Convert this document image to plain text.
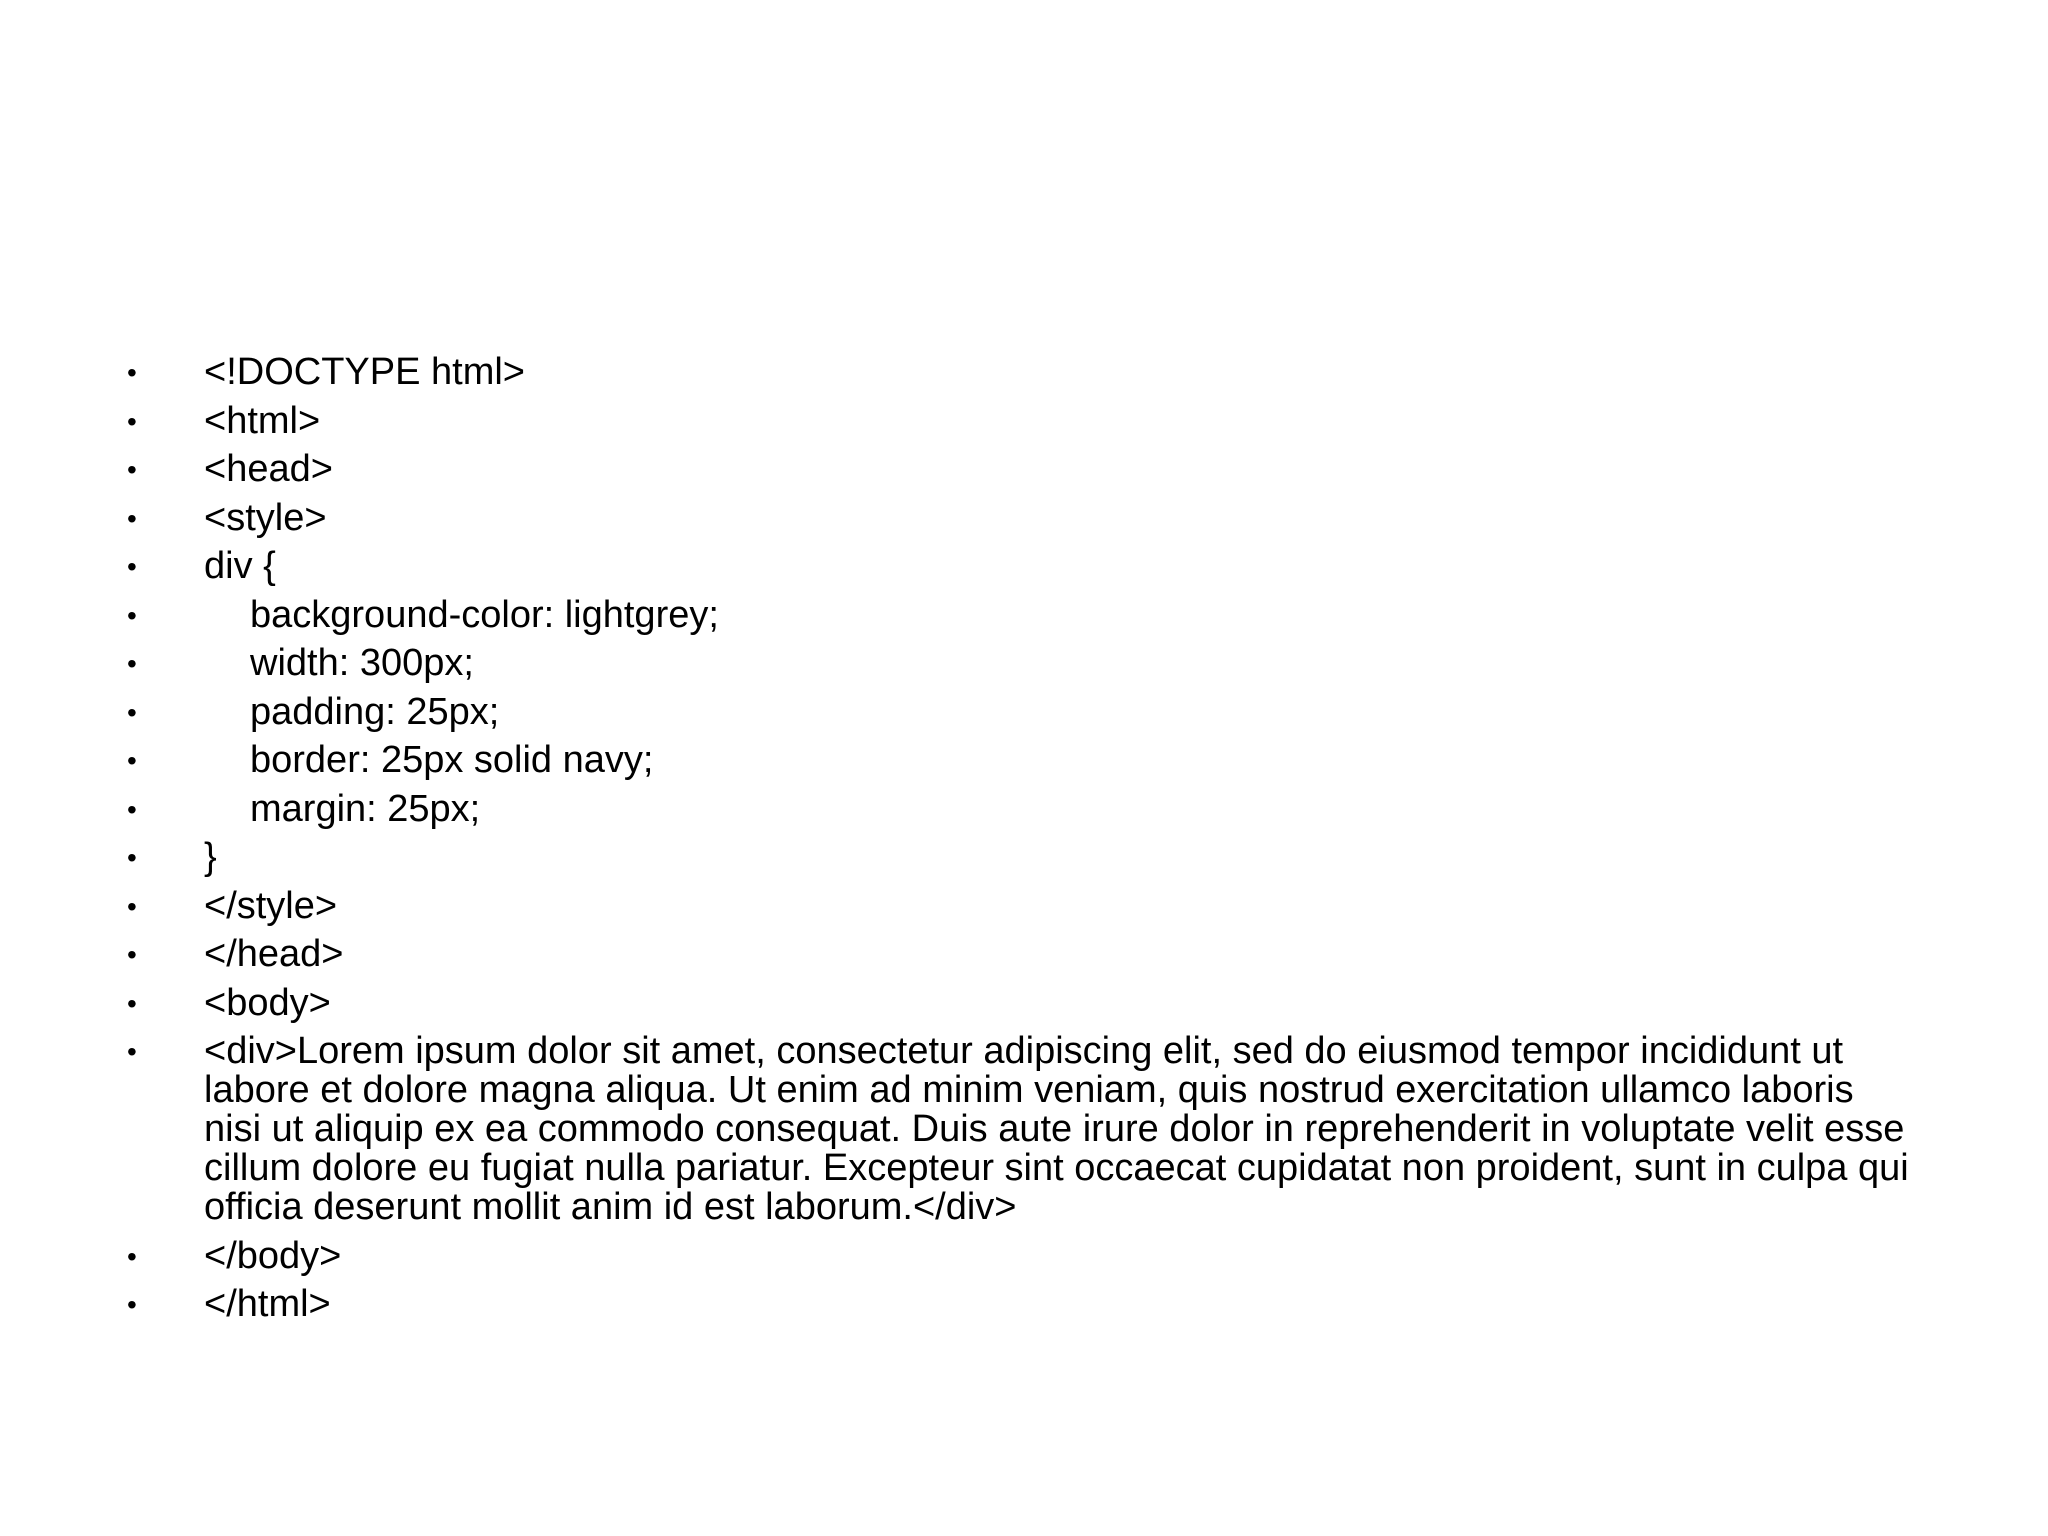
• <!DOCTYPE html>
• <html>
• <head>
• <style>
• div {
•	background-color: lightgrey;
•	width: 300px;
•	padding: 25px;
•	border: 25px solid navy;
•	margin: 25px;
• }
• </style>
• </head>
• <body>
• <div>Lorem ipsum dolor sit amet, consectetur adipiscing elit, sed do eiusmod tempor incididunt ut labore et dolore magna aliqua. Ut enim ad minim veniam, quis nostrud exercitation ullamco laboris nisi ut aliquip ex ea commodo consequat. Duis aute irure dolor in reprehenderit in voluptate velit esse cillum dolore eu fugiat nulla pariatur. Excepteur sint occaecat cupidatat non proident, sunt in culpa qui officia deserunt mollit anim id est laborum.</div>
• </body>
• </html>
